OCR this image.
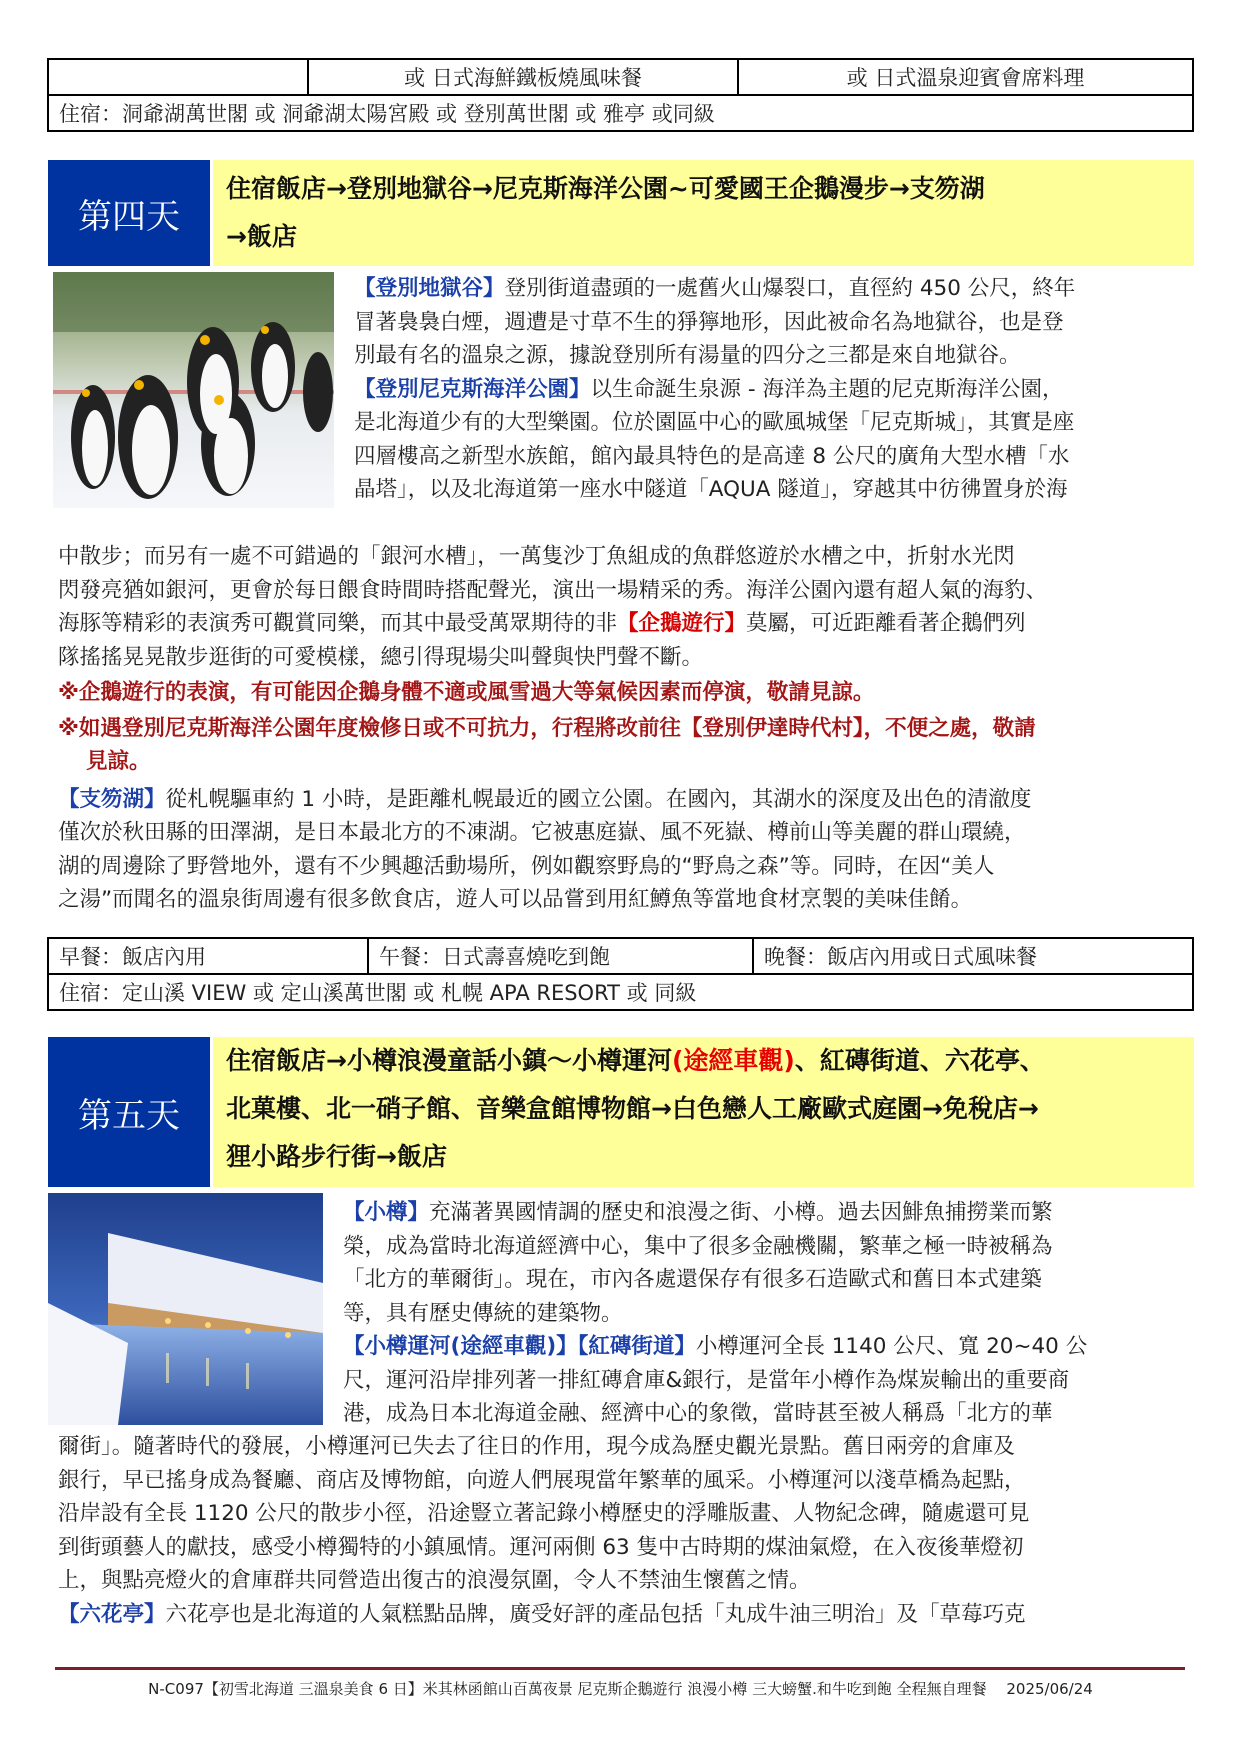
	或 日式海鮮鐵板燒風味餐	或 日式溫泉迎賓會席料理
住宿：洞爺湖萬世閣 或 洞爺湖太陽宮殿 或 登別萬世閣 或 雅亭 或同級
第四天
住宿飯店→登別地獄谷→尼克斯海洋公園~可愛國王企鵝漫步→支笏湖
→飯店
【登別地獄谷】登別街道盡頭的一處舊火山爆裂口，直徑約 450 公尺，終年
冒著裊裊白煙，週遭是寸草不生的猙獰地形，因此被命名為地獄谷，也是登
別最有名的溫泉之源，據說登別所有湯量的四分之三都是來自地獄谷。
【登別尼克斯海洋公園】以生命誕生泉源 - 海洋為主題的尼克斯海洋公園，
是北海道少有的大型樂園。位於園區中心的歐風城堡「尼克斯城」，其實是座
四層樓高之新型水族館，館內最具特色的是高達 8 公尺的廣角大型水槽「水
晶塔」，以及北海道第一座水中隧道「AQUA 隧道」，穿越其中彷彿置身於海
中散步；而另有一處不可錯過的「銀河水槽」，一萬隻沙丁魚組成的魚群悠遊於水槽之中，折射水光閃
閃發亮猶如銀河，更會於每日餵食時間時搭配聲光，演出一場精采的秀。海洋公園內還有超人氣的海豹、
海豚等精彩的表演秀可觀賞同樂，而其中最受萬眾期待的非【企鵝遊行】莫屬，可近距離看著企鵝們列
隊搖搖晃晃散步逛街的可愛模樣，總引得現場尖叫聲與快門聲不斷。
※企鵝遊行的表演，有可能因企鵝身體不適或風雪過大等氣候因素而停演，敬請見諒。
※如遇登別尼克斯海洋公園年度檢修日或不可抗力，行程將改前往【登別伊達時代村】，不便之處，敬請
見諒。
【支笏湖】從札幌驅車約 1 小時，是距離札幌最近的國立公園。在國內，其湖水的深度及出色的清澈度
僅次於秋田縣的田澤湖，是日本最北方的不凍湖。它被惠庭嶽、風不死嶽、樽前山等美麗的群山環繞，
湖的周邊除了野營地外，還有不少興趣活動場所，例如觀察野鳥的“野鳥之森”等。同時，在因“美人
之湯”而聞名的溫泉街周邊有很多飲食店，遊人可以品嘗到用紅鱒魚等當地食材烹製的美味佳餚。
早餐：飯店內用	午餐：日式壽喜燒吃到飽	晚餐：飯店內用或日式風味餐
住宿：定山溪 VIEW 或 定山溪萬世閣 或 札幌 APA RESORT 或 同級
第五天
住宿飯店→小樽浪漫童話小鎮～小樽運河(途經車觀)、紅磚街道、六花亭、
北菓樓、北一硝子館、音樂盒館博物館→白色戀人工廠歐式庭園→免稅店→
狸小路步行街→飯店
【小樽】充滿著異國情調的歷史和浪漫之街、小樽。過去因鯡魚捕撈業而繁
榮，成為當時北海道經濟中心，集中了很多金融機關，繁華之極一時被稱為
「北方的華爾街」。現在，市內各處還保存有很多石造歐式和舊日本式建築
等，具有歷史傳統的建築物。
【小樽運河(途經車觀)】【紅磚街道】小樽運河全長 1140 公尺、寬 20~40 公
尺，運河沿岸排列著一排紅磚倉庫&銀行，是當年小樽作為煤炭輸出的重要商
港，成為日本北海道金融、經濟中心的象徵，當時甚至被人稱爲「北方的華
爾街」。隨著時代的發展，小樽運河已失去了往日的作用，現今成為歷史觀光景點。舊日兩旁的倉庫及
銀行，早已搖身成為餐廳、商店及博物館，向遊人們展現當年繁華的風采。小樽運河以淺草橋為起點，
沿岸設有全長 1120 公尺的散步小徑，沿途豎立著記錄小樽歷史的浮雕版畫、人物紀念碑，隨處還可見
到街頭藝人的獻技，感受小樽獨特的小鎮風情。運河兩側 63 隻中古時期的煤油氣燈，在入夜後華燈初
上，與點亮燈火的倉庫群共同營造出復古的浪漫氛圍，令人不禁油生懷舊之情。
【六花亭】六花亭也是北海道的人氣糕點品牌，廣受好評的產品包括「丸成牛油三明治」及「草莓巧克
N-C097【初雪北海道 三溫泉美食 6 日】米其林函館山百萬夜景 尼克斯企鵝遊行 浪漫小樽 三大螃蟹.和牛吃到飽 全程無自理餐　 2025/06/24
